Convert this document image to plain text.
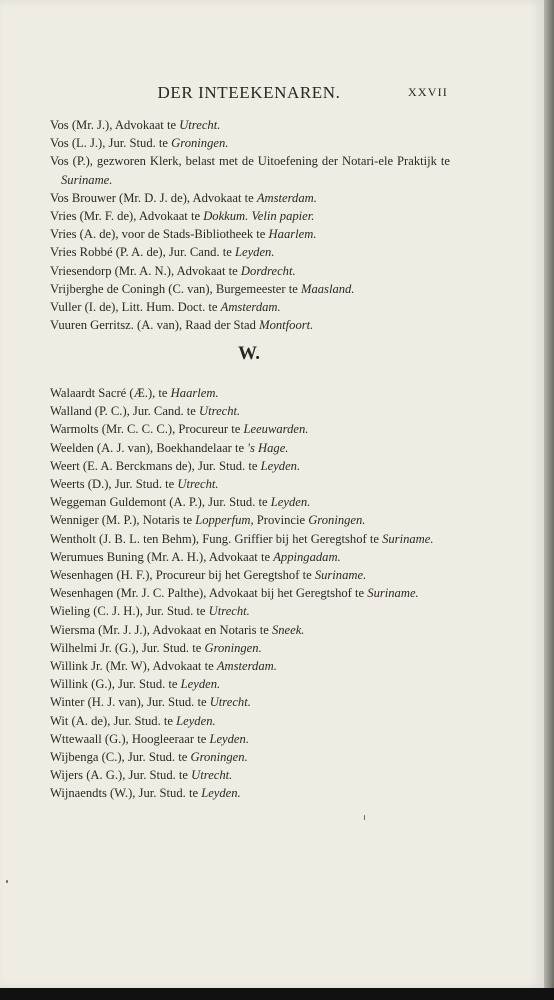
DER INTEEKENAREN.	XXVII
Vos (Mr. J.), Advokaat te Utrecht.
Vos (L. J.), Jur. Stud. te Groningen.
Vos (P.), gezworen Klerk, belast met de Uitoefening der Notari-ele Praktijk te Suriname.
Vos Brouwer (Mr. D. J. de), Advokaat te Amsterdam.
Vries (Mr. F. de), Advokaat te Dokkum. Velin papier.
Vries (A. de), voor de Stads-Bibliotheek te Haarlem.
Vries Robbé (P. A. de), Jur. Cand. te Leyden.
Vriesendorp (Mr. A. N.), Advokaat te Dordrecht.
Vrijberghe de Coningh (C. van), Burgemeester te Maasland.
Vuller (I. de), Litt. Hum. Doct. te Amsterdam.
Vuuren Gerritsz. (A. van), Raad der Stad Montfoort.
W.
Walaardt Sacré (Æ.), te Haarlem.
Walland (P. C.), Jur. Cand. te Utrecht.
Warmolts (Mr. C. C. C.), Procureur te Leeuwarden.
Weelden (A. J. van), Boekhandelaar te 's Hage.
Weert (E. A. Berckmans de), Jur. Stud. te Leyden.
Weerts (D.), Jur. Stud. te Utrecht.
Weggeman Guldemont (A. P.), Jur. Stud. te Leyden.
Wenniger (M. P.), Notaris te Lopperfum, Provincie Groningen.
Wentholt (J. B. L. ten Behm), Fung. Griffier bij het Geregtshof te Suriname.
Werumues Buning (Mr. A. H.), Advokaat te Appingadam.
Wesenhagen (H. F.), Procureur bij het Geregtshof te Suriname.
Wesenhagen (Mr. J. C. Palthe), Advokaat bij het Geregtshof te Suriname.
Wieling (C. J. H.), Jur. Stud. te Utrecht.
Wiersma (Mr. J. J.), Advokaat en Notaris te Sneek.
Wilhelmi Jr. (G.), Jur. Stud. te Groningen.
Willink Jr. (Mr. W), Advokaat te Amsterdam.
Willink (G.), Jur. Stud. te Leyden.
Winter (H. J. van), Jur. Stud. te Utrecht.
Wit (A. de), Jur. Stud. te Leyden.
Wttewaall (G.), Hoogleeraar te Leyden.
Wijbenga (C.), Jur. Stud. te Groningen.
Wijers (A. G.), Jur. Stud. te Utrecht.
Wijnaendts (W.), Jur. Stud. te Leyden.
